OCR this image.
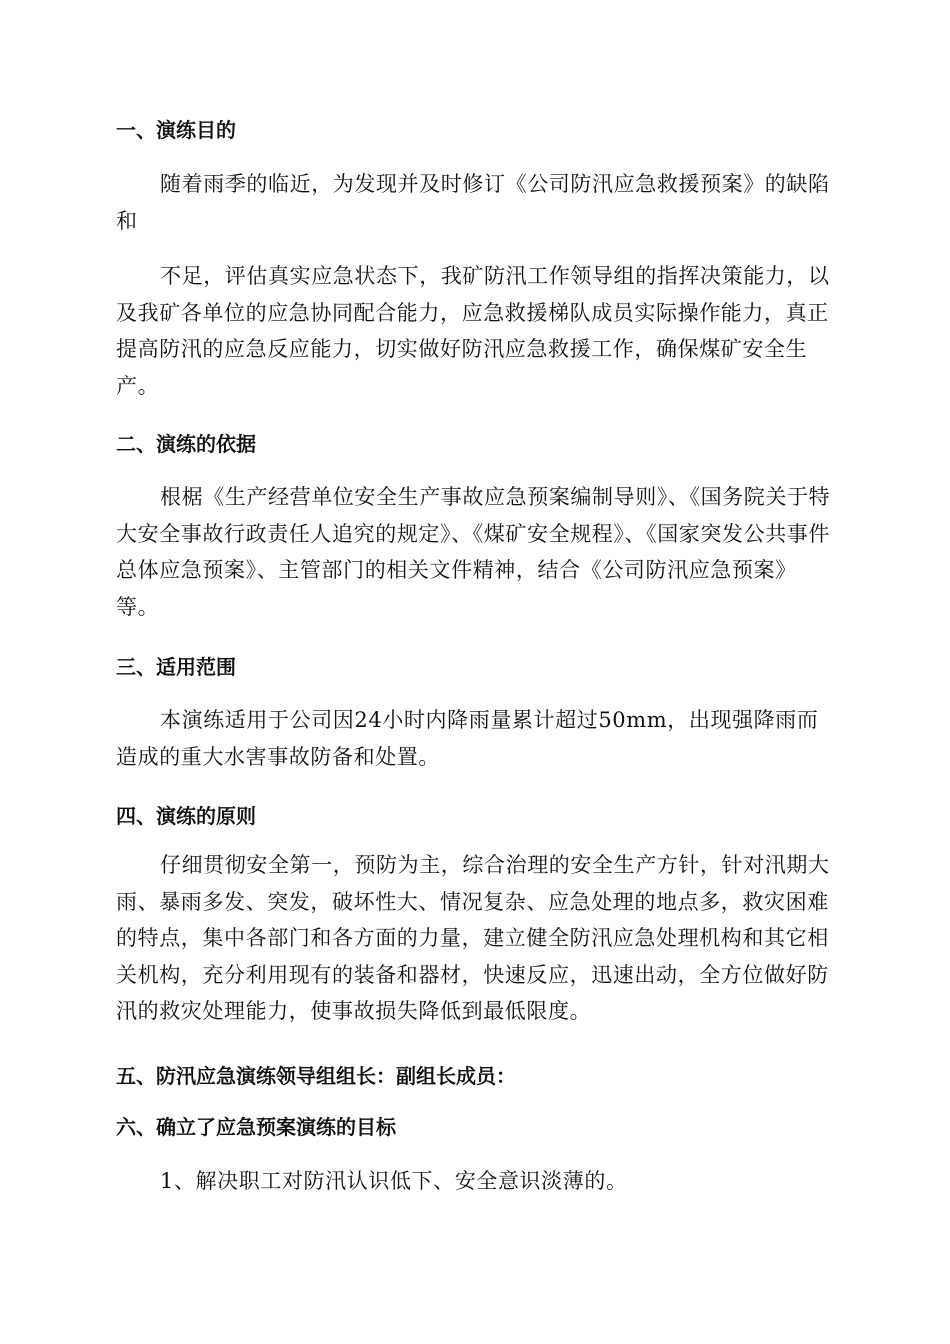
一、演练目的
随着雨季的临近，为发现并及时修订《公司防汛应急救援预案》的缺陷和
不足，评估真实应急状态下，我矿防汛工作领导组的指挥决策能力，以及我矿各单位的应急协同配合能力，应急救援梯队成员实际操作能力，真正提高防汛的应急反应能力，切实做好防汛应急救援工作，确保煤矿安全生产。
二、演练的依据
根椐《生产经营单位安全生产事故应急预案编制导则》、《国务院关于特大安全事故行政责任人追究的规定》、《煤矿安全规程》、《国家突发公共事件总体应急预案》、主管部门的相关文件精神，结合《公司防汛应急预案》等。
三、适用范围
本演练适用于公司因24小时内降雨量累计超过50mm，出现强降雨而造成的重大水害事故防备和处置。
四、演练的原则
仔细贯彻安全第一，预防为主，综合治理的安全生产方针，针对汛期大雨、暴雨多发、突发，破坏性大、情况复杂、应急处理的地点多，救灾困难的特点，集中各部门和各方面的力量，建立健全防汛应急处理机构和其它相关机构，充分利用现有的装备和器材，快速反应，迅速出动，全方位做好防汛的救灾处理能力，使事故损失降低到最低限度。
五、防汛应急演练领导组组长：副组长成员：
六、确立了应急预案演练的目标
1、解决职工对防汛认识低下、安全意识淡薄的。
